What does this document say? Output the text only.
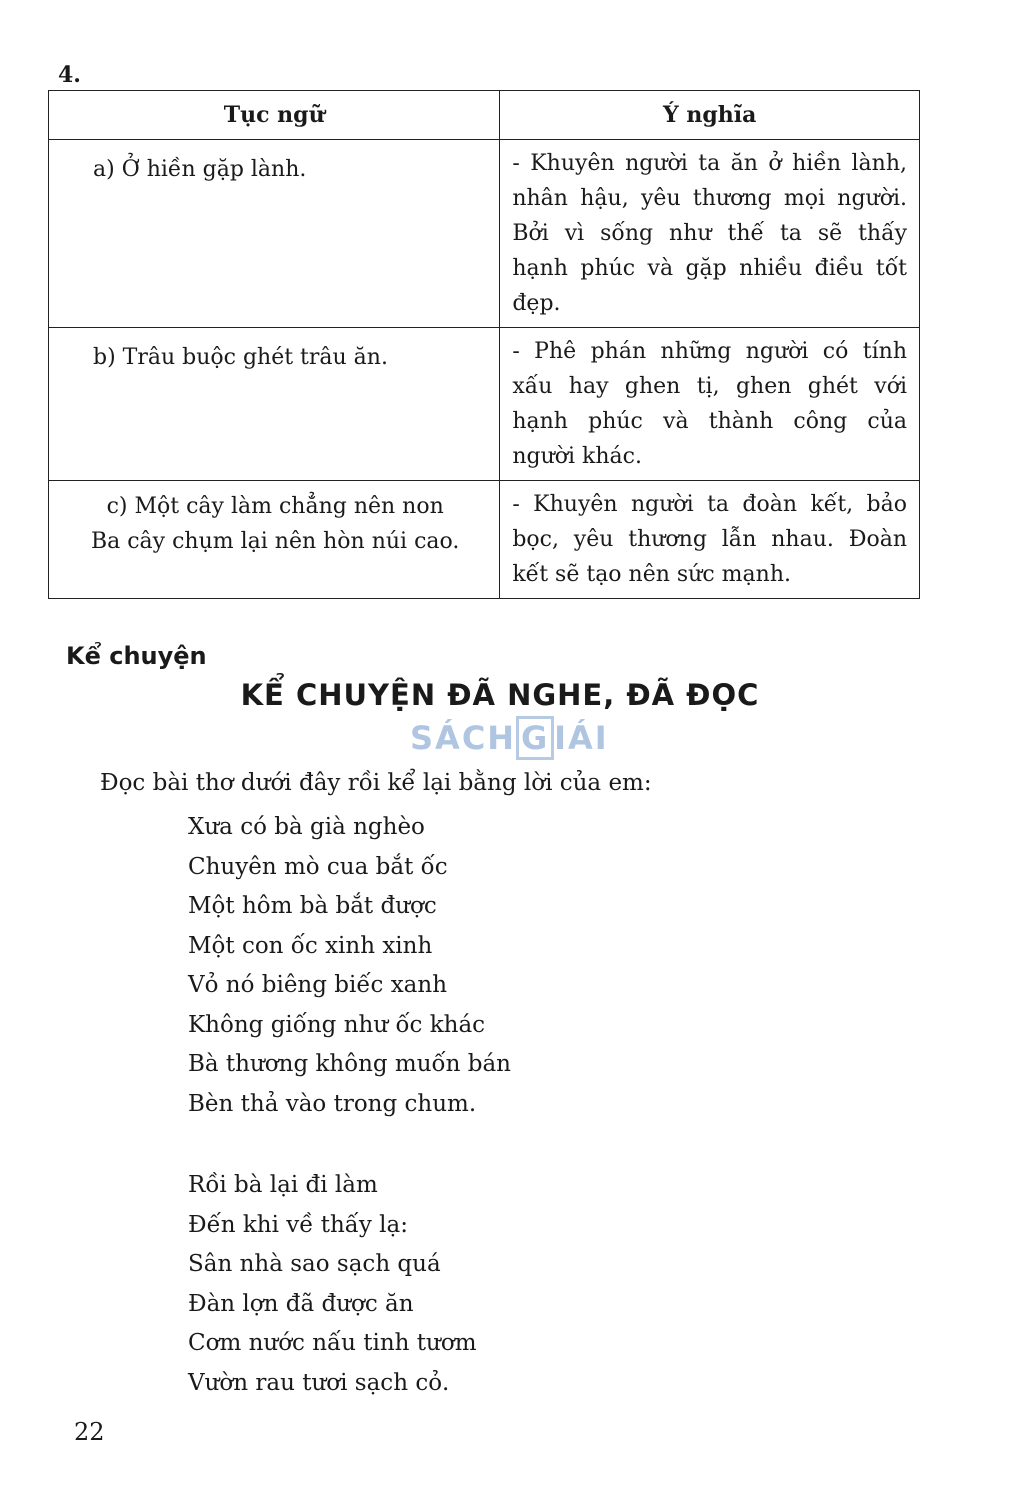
4.
Tục ngữ	Ý nghĩa
a) Ở hiền gặp lành.	- Khuyên người ta ăn ở hiền lành, nhân hậu, yêu thương mọi người. Bởi vì sống như thế ta sẽ thấy hạnh phúc và gặp nhiều điều tốt đẹp.
b) Trâu buộc ghét trâu ăn.	- Phê phán những người có tính xấu hay ghen tị, ghen ghét với hạnh phúc và thành công của người khác.

c) Một cây làm chẳng nên non
Ba cây chụm lại nên hòn núi cao.	- Khuyên người ta đoàn kết, bảo bọc, yêu thương lẫn nhau. Đoàn kết sẽ tạo nên sức mạnh.
Kể chuyện
KỂ CHUYỆN ĐÃ NGHE, ĐÃ ĐỌC
SÁCH G IÁI
Đọc bài thơ dưới đây rồi kể lại bằng lời của em:
Xưa có bà già nghèo
Chuyên mò cua bắt ốc
Một hôm bà bắt được
Một con ốc xinh xinh
Vỏ nó biêng biếc xanh
Không giống như ốc khác
Bà thương không muốn bán
Bèn thả vào trong chum.
Rồi bà lại đi làm
Đến khi về thấy lạ:
Sân nhà sao sạch quá
Đàn lợn đã được ăn
Cơm nước nấu tinh tươm
Vườn rau tươi sạch cỏ.
22
